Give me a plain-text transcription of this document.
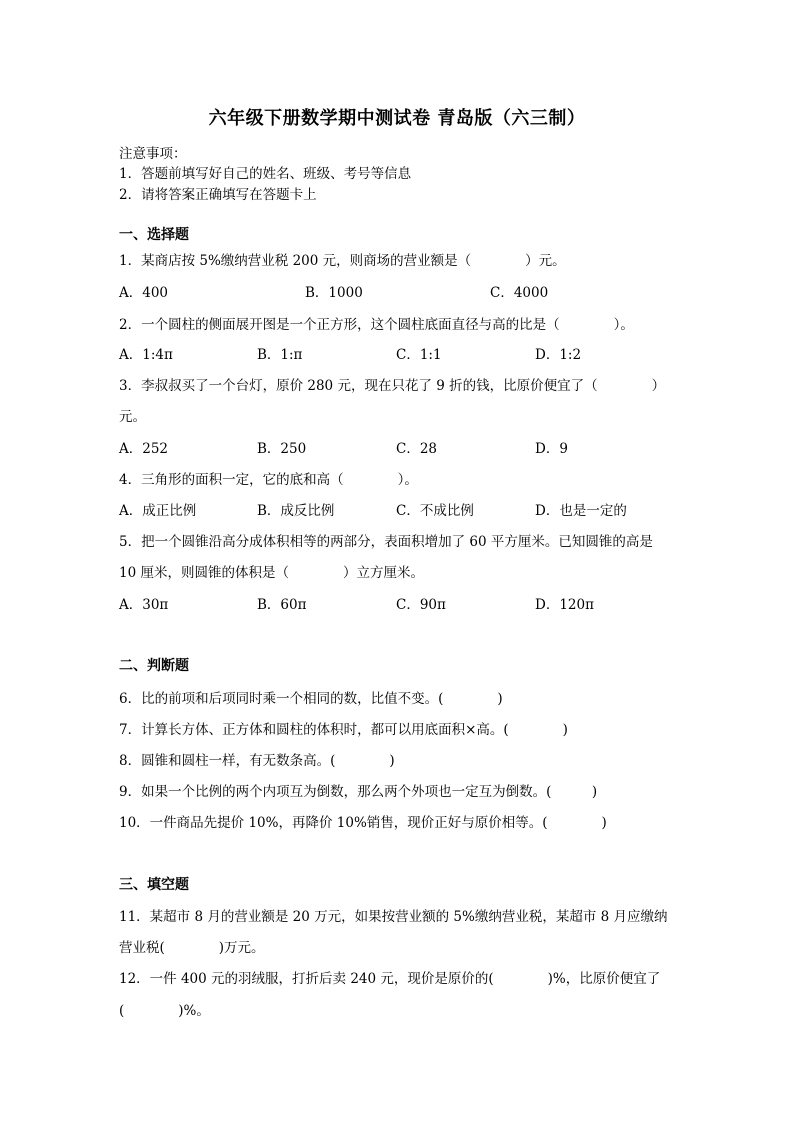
六年级下册数学期中测试卷 青岛版（六三制）
注意事项：
1．答题前填写好自己的姓名、班级、考号等信息
2．请将答案正确填写在答题卡上
一、选择题
1．某商店按 5%缴纳营业税 200 元，则商场的营业额是（　　　　）元。
A．400	B．1000	C．4000
2．一个圆柱的侧面展开图是一个正方形，这个圆柱底面直径与高的比是（　　　　）。
A．1:4π	B．1:π	C．1:1	D．1:2
3．李叔叔买了一个台灯，原价 280 元，现在只花了 9 折的钱，比原价便宜了（　　　　）
元。
A．252	B．250	C．28	D．9
4．三角形的面积一定，它的底和高（　　　　）。
A．成正比例	B．成反比例	C．不成比例	D．也是一定的
5．把一个圆锥沿高分成体积相等的两部分，表面积增加了 60 平方厘米。已知圆锥的高是
10 厘米，则圆锥的体积是（　　　　）立方厘米。
A．30π	B．60π	C．90π	D．120π
二、判断题
6．比的前项和后项同时乘一个相同的数，比值不变。(　　　　)
7．计算长方体、正方体和圆柱的体积时，都可以用底面积×高。(　　　　)
8．圆锥和圆柱一样，有无数条高。(　　　　)
9．如果一个比例的两个内项互为倒数，那么两个外项也一定互为倒数。(　　　)
10．一件商品先提价 10%，再降价 10%销售，现价正好与原价相等。(　　　　)
三、填空题
11．某超市 8 月的营业额是 20 万元，如果按营业额的 5%缴纳营业税，某超市 8 月应缴纳
营业税(　　　　)万元。
12．一件 400 元的羽绒服，打折后卖 240 元，现价是原价的(　　　　)%，比原价便宜了
(　　　　)%。
